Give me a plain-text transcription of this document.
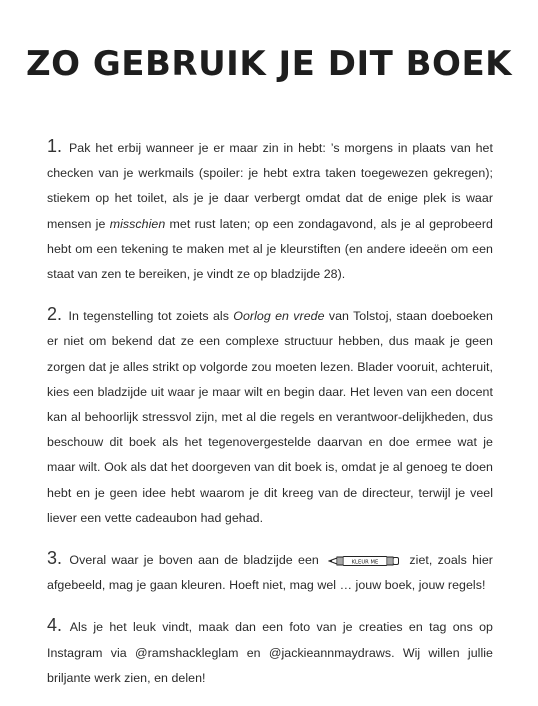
ZO GEBRUIK JE DIT BOEK

1. Pak het erbij wanneer je er maar zin in hebt: ’s morgens in plaats van het checken van je werkmails (spoiler: je hebt extra taken toegewezen gekregen); stiekem op het toilet, als je je daar verbergt omdat dat de enige plek is waar mensen je misschien met rust laten; op een zondagavond, als je al geprobeerd hebt om een tekening te maken met al je kleurstiften (en andere ideeën om een staat van zen te bereiken, je vindt ze op bladzijde 28).

2. In tegenstelling tot zoiets als Oorlog en vrede van Tolstoj, staan doeboeken er niet om bekend dat ze een complexe structuur hebben, dus maak je geen zorgen dat je alles strikt op volgorde zou moeten lezen. Blader vooruit, achteruit, kies een bladzijde uit waar je maar wilt en begin daar. Het leven van een docent kan al behoorlijk stressvol zijn, met al die regels en verantwoor-delijkheden, dus beschouw dit boek als het tegenovergestelde daarvan en doe ermee wat je maar wilt. Ook als dat het doorgeven van dit boek is, omdat je al genoeg te doen hebt en je geen idee hebt waarom je dit kreeg van de directeur, terwijl je veel liever een vette cadeaubon had gehad.

3. Overal waar je boven aan de bladzijde een	KLEUR ME ziet, zoals hier afgebeeld, mag je gaan kleuren. Hoeft niet, mag wel … jouw boek, jouw regels!

4. Als je het leuk vindt, maak dan een foto van je creaties en tag ons op Instagram via @ramshackleglam en @jackieannmaydraws. Wij willen jullie briljante werk zien, en delen!
